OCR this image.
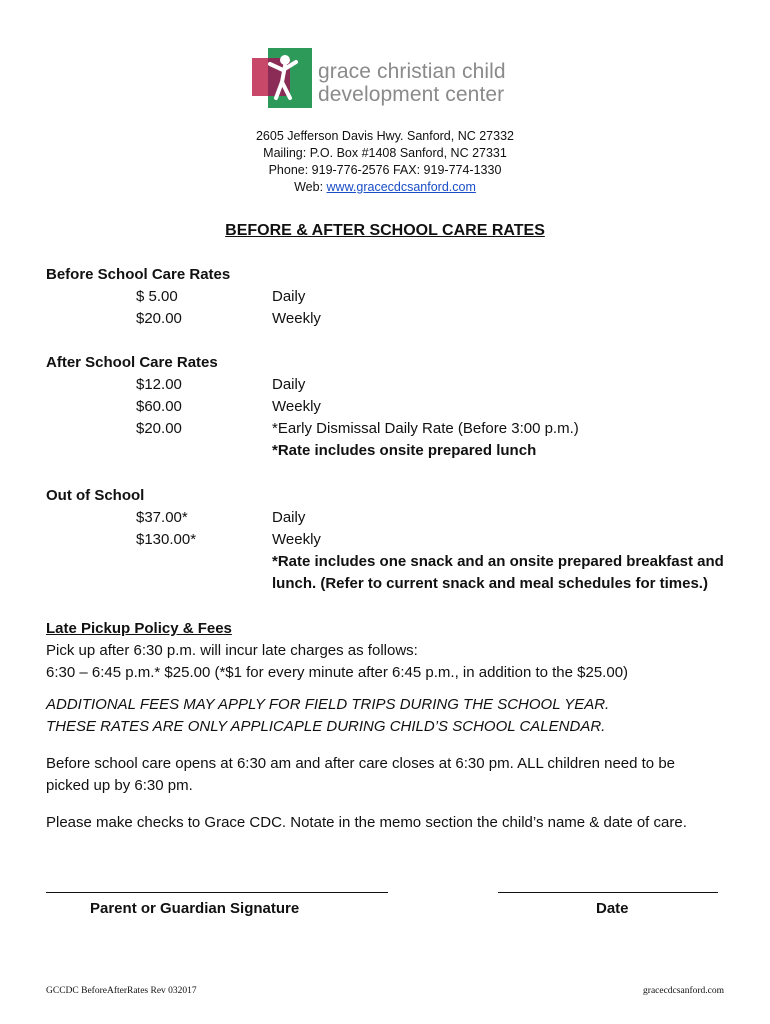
grace christian child
development center
2605 Jefferson Davis Hwy. Sanford, NC 27332
Mailing: P.O. Box #1408 Sanford, NC 27331
Phone: 919-776-2576 FAX: 919-774-1330
Web: www.gracecdcsanford.com
BEFORE & AFTER SCHOOL CARE RATES
Before School Care Rates
$ 5.00	Daily
$20.00	Weekly
After School Care Rates
$12.00	Daily
$60.00	Weekly
$20.00	*Early Dismissal Daily Rate (Before 3:00 p.m.)
*Rate includes onsite prepared lunch
Out of School
$37.00*	Daily
$130.00*	Weekly
*Rate includes one snack and an onsite prepared breakfast and
lunch. (Refer to current snack and meal schedules for times.)
Late Pickup Policy & Fees
Pick up after 6:30 p.m. will incur late charges as follows:
6:30 – 6:45 p.m.* $25.00 (*$1 for every minute after 6:45 p.m., in addition to the $25.00)
ADDITIONAL FEES MAY APPLY FOR FIELD TRIPS DURING THE SCHOOL YEAR.
THESE RATES ARE ONLY APPLICAPLE DURING CHILD’S SCHOOL CALENDAR.
Before school care opens at 6:30 am and after care closes at 6:30 pm. ALL children need to be
picked up by 6:30 pm.
Please make checks to Grace CDC. Notate in the memo section the child’s name & date of care.
Parent or Guardian Signature	Date
GCCDC BeforeAfterRates Rev 032017	gracecdcsanford.com
